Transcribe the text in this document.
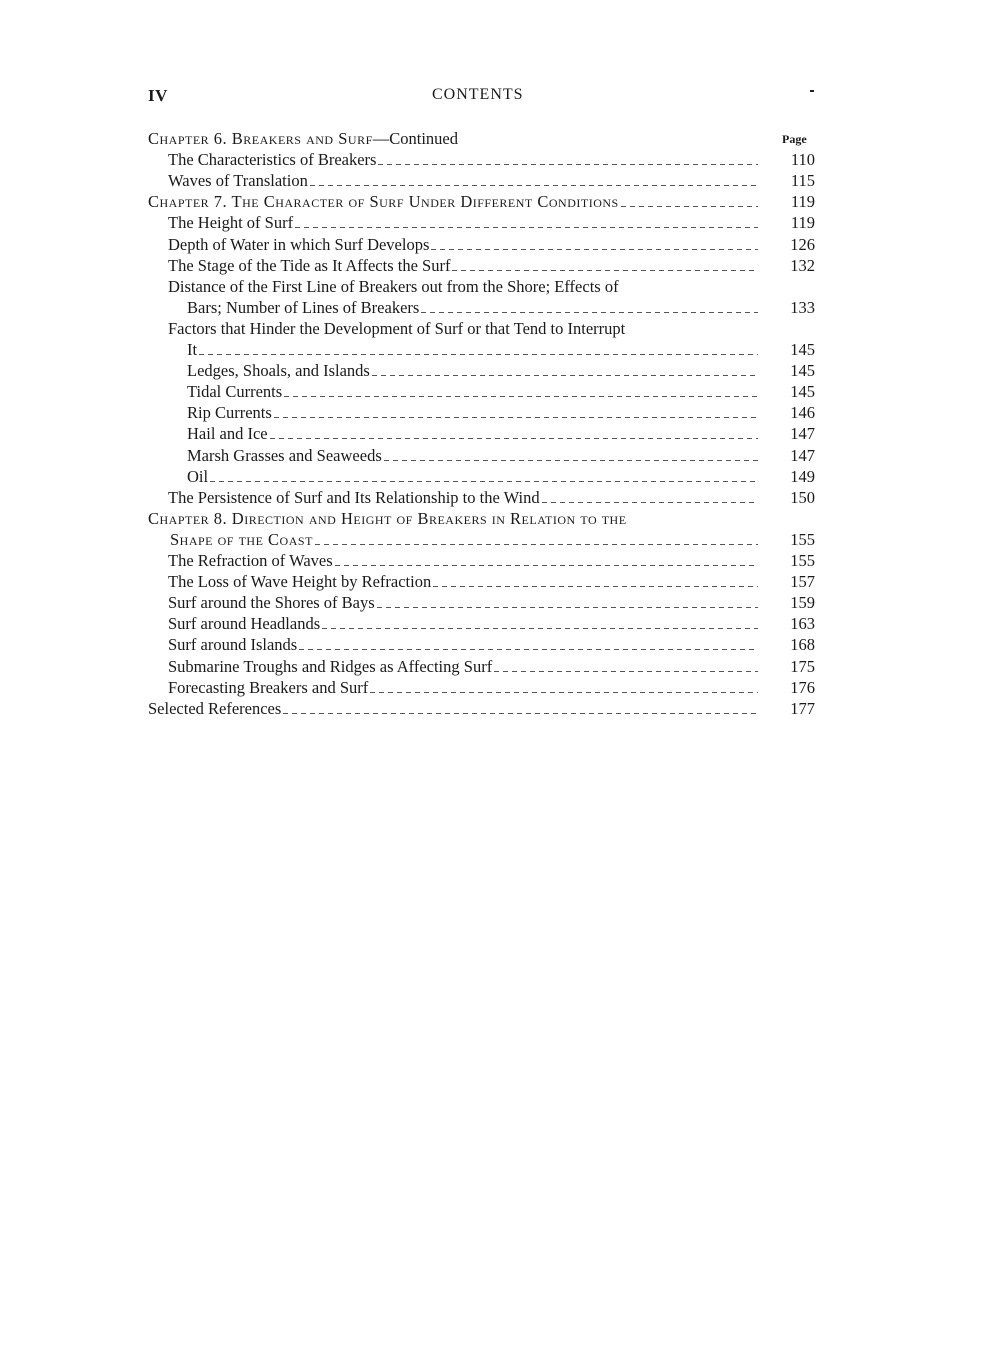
IV	CONTENTS
Page
Chapter 6. Breakers and Surf—Continued
The Characteristics of Breakers	110
Waves of Translation	115
Chapter 7. The Character of Surf Under Different Conditions	119
The Height of Surf	119
Depth of Water in which Surf Develops	126
The Stage of the Tide as It Affects the Surf	132
Distance of the First Line of Breakers out from the Shore; Effects of
Bars; Number of Lines of Breakers	133
Factors that Hinder the Development of Surf or that Tend to Interrupt
It	145
Ledges, Shoals, and Islands	145
Tidal Currents	145
Rip Currents	146
Hail and Ice	147
Marsh Grasses and Seaweeds	147
Oil	149
The Persistence of Surf and Its Relationship to the Wind	150
Chapter 8. Direction and Height of Breakers in Relation to the
Shape of the Coast	155
The Refraction of Waves	155
The Loss of Wave Height by Refraction	157
Surf around the Shores of Bays	159
Surf around Headlands	163
Surf around Islands	168
Submarine Troughs and Ridges as Affecting Surf	175
Forecasting Breakers and Surf	176
Selected References	177
